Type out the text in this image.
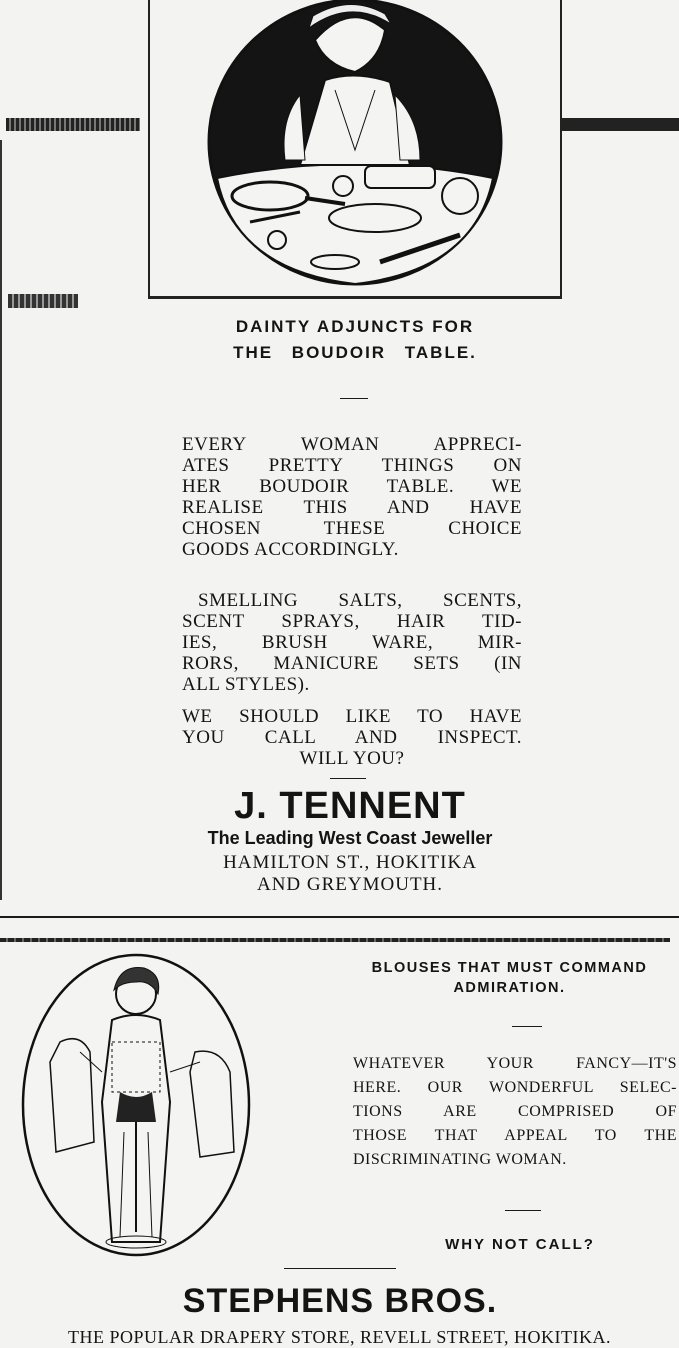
DAINTY ADJUNCTS FOR
THE BOUDOIR TABLE.
EVERY WOMAN APPRECI-
ATES PRETTY THINGS ON
HER BOUDOIR TABLE. WE
REALISE THIS AND HAVE
CHOSEN THESE CHOICE
GOODS ACCORDINGLY.
SMELLING SALTS, SCENTS,
SCENT SPRAYS, HAIR TID-
IES, BRUSH WARE, MIR-
RORS, MANICURE SETS (IN
ALL STYLES).
WE SHOULD LIKE TO HAVE
YOU CALL AND INSPECT.
WILL YOU?
J. TENNENT
The Leading West Coast Jeweller
HAMILTON ST., HOKITIKA
AND GREYMOUTH.
BLOUSES THAT MUST COMMAND
ADMIRATION.
WHATEVER YOUR FANCY—IT'S
HERE. OUR WONDERFUL SELEC-
TIONS ARE COMPRISED OF
THOSE THAT APPEAL TO THE
DISCRIMINATING WOMAN.
WHY NOT CALL?
STEPHENS BROS.
THE POPULAR DRAPERY STORE, REVELL STREET, HOKITIKA.
